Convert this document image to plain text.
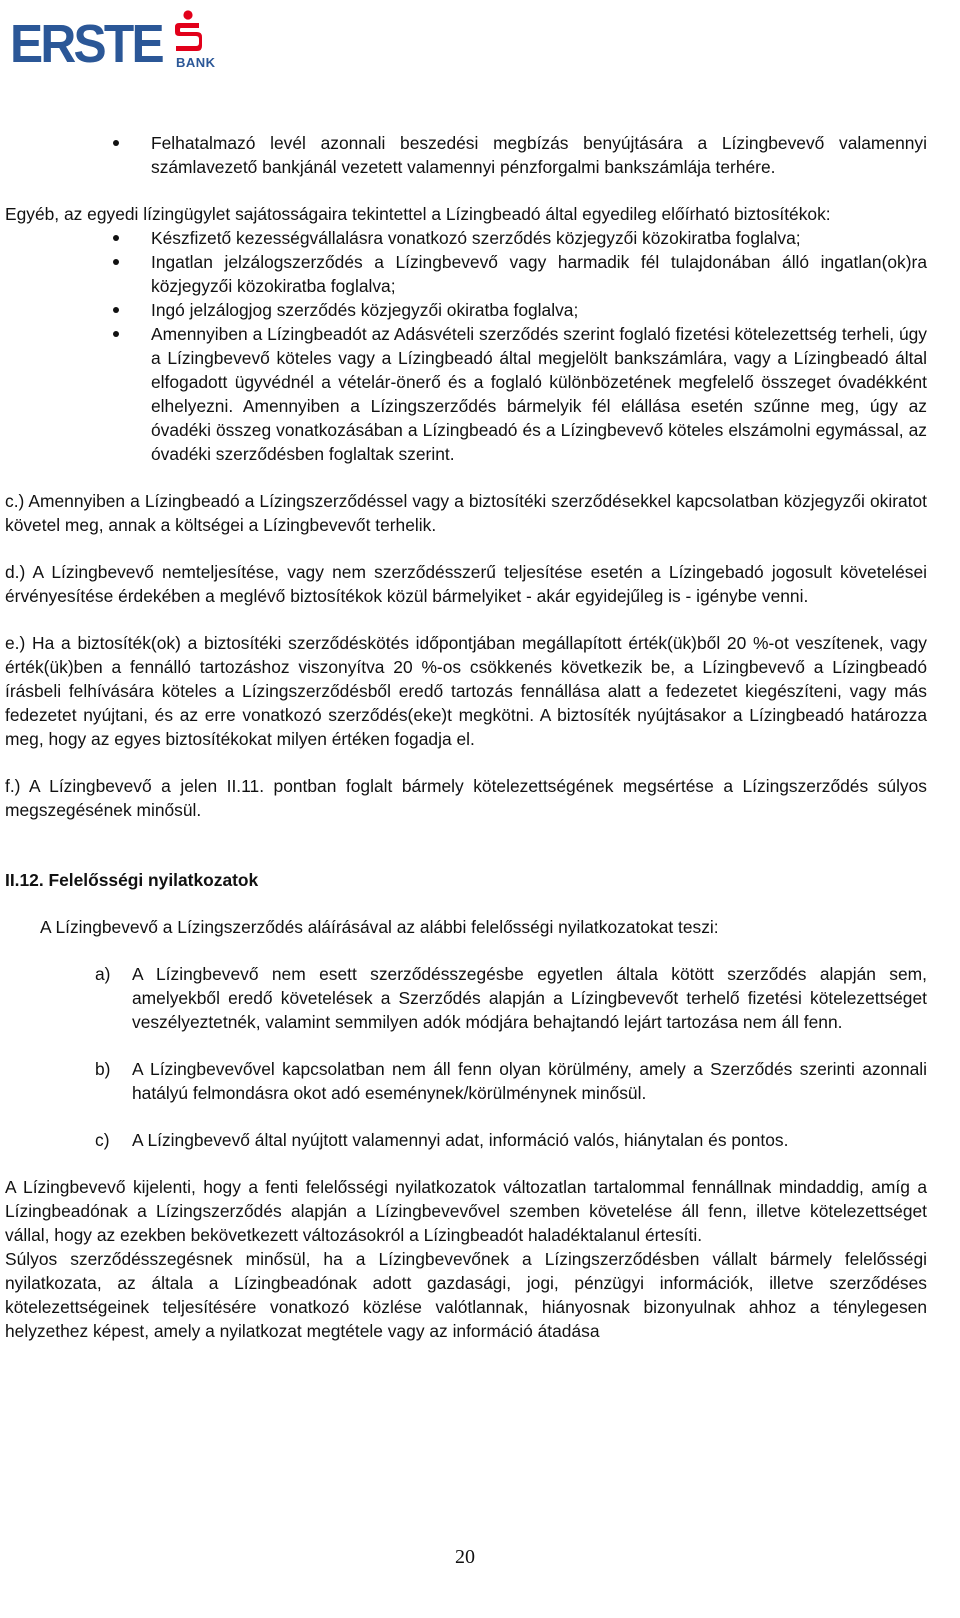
ERSTE BANK
Felhatalmazó levél azonnali beszedési megbízás benyújtására a Lízingbevevő valamennyi számlavezető bankjánál vezetett valamennyi pénzforgalmi bankszámlája terhére.

Egyéb, az egyedi lízingügylet sajátosságaira tekintettel a Lízingbeadó által egyedileg előírható biztosítékok:

Készfizető kezességvállalásra vonatkozó szerződés közjegyzői közokiratba foglalva;
Ingatlan jelzálogszerződés a Lízingbevevő vagy harmadik fél tulajdonában álló ingatlan(ok)ra közjegyzői közokiratba foglalva;
Ingó jelzálogjog szerződés közjegyzői okiratba foglalva;
Amennyiben a Lízingbeadót az Adásvételi szerződés szerint foglaló fizetési kötelezettség terheli, úgy a Lízingbevevő köteles vagy a Lízingbeadó által megjelölt bankszámlára, vagy a Lízingbeadó által elfogadott ügyvédnél a vételár-önerő és a foglaló különbözetének megfelelő összeget óvadékként elhelyezni. Amennyiben a Lízingszerződés bármelyik fél elállása esetén szűnne meg, úgy az óvadéki összeg vonatkozásában a Lízingbeadó és a Lízingbevevő köteles elszámolni egymással, az óvadéki szerződésben foglaltak szerint.

c.) Amennyiben a Lízingbeadó a Lízingszerződéssel vagy a biztosítéki szerződésekkel kapcsolatban közjegyzői okiratot követel meg, annak a költségei a Lízingbevevőt terhelik.

d.) A Lízingbevevő nemteljesítése, vagy nem szerződésszerű teljesítése esetén a Lízingebadó jogosult követelései érvényesítése érdekében a meglévő biztosítékok közül bármelyiket - akár egyidejűleg is - igénybe venni.

e.) Ha a biztosíték(ok) a biztosítéki szerződéskötés időpontjában megállapított érték(ük)ből 20 %-ot veszítenek, vagy érték(ük)ben a fennálló tartozáshoz viszonyítva 20 %-os csökkenés következik be, a Lízingbevevő a Lízingbeadó írásbeli felhívására köteles a Lízingszerződésből eredő tartozás fennállása alatt a fedezetet kiegészíteni, vagy más fedezetet nyújtani, és az erre vonatkozó szerződés(eke)t megkötni. A biztosíték nyújtásakor a Lízingbeadó határozza meg, hogy az egyes biztosítékokat milyen értéken fogadja el.

f.) A Lízingbevevő a jelen II.11. pontban foglalt bármely kötelezettségének megsértése a Lízingszerződés súlyos megszegésének minősül.

II.12. Felelősségi nyilatkozatok

A Lízingbevevő a Lízingszerződés aláírásával az alábbi felelősségi nyilatkozatokat teszi:

a) A Lízingbevevő nem esett szerződésszegésbe egyetlen általa kötött szerződés alapján sem, amelyekből eredő követelések a Szerződés alapján a Lízingbevevőt terhelő fizetési kötelezettséget veszélyeztetnék, valamint semmilyen adók módjára behajtandó lejárt tartozása nem áll fenn.
b) A Lízingbevevővel kapcsolatban nem áll fenn olyan körülmény, amely a Szerződés szerinti azonnali hatályú felmondásra okot adó eseménynek/körülménynek minősül.
c) A Lízingbevevő által nyújtott valamennyi adat, információ valós, hiánytalan és pontos.

A Lízingbevevő kijelenti, hogy a fenti felelősségi nyilatkozatok változatlan tartalommal fennállnak mindaddig, amíg a Lízingbeadónak a Lízingszerződés alapján a Lízingbevevővel szemben követelése áll fenn, illetve kötelezettséget vállal, hogy az ezekben bekövetkezett változásokról a Lízingbeadót haladéktalanul értesíti.

Súlyos szerződésszegésnek minősül, ha a Lízingbevevőnek a Lízingszerződésben vállalt bármely felelősségi nyilatkozata, az általa a Lízingbeadónak adott gazdasági, jogi, pénzügyi információk, illetve szerződéses kötelezettségeinek teljesítésére vonatkozó közlése valótlannak, hiányosnak bizonyulnak ahhoz a ténylegesen helyzethez képest, amely a nyilatkozat megtétele vagy az információ átadása

20
